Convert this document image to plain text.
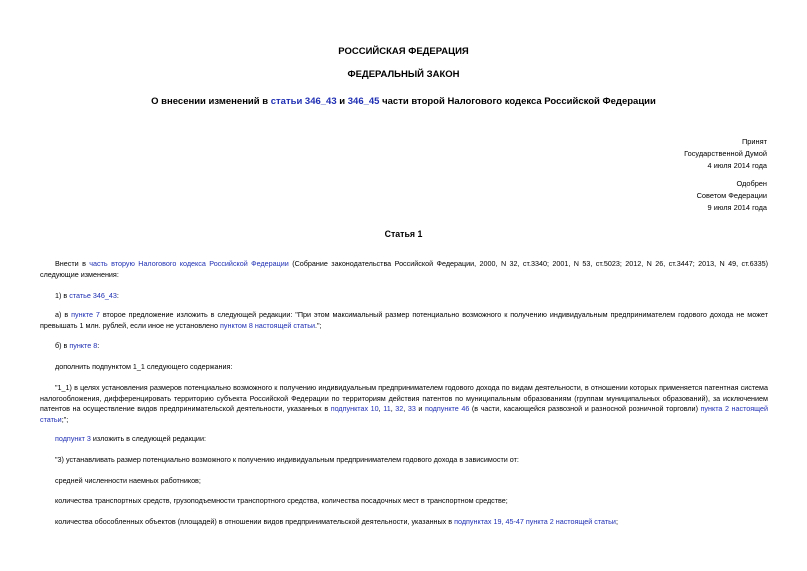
РОССИЙСКАЯ ФЕДЕРАЦИЯ
ФЕДЕРАЛЬНЫЙ ЗАКОН
О внесении изменений в статьи 346_43 и 346_45 части второй Налогового кодекса Российской Федерации
Принят
Государственной Думой
4 июля 2014 года
Одобрен
Советом Федерации
9 июля 2014 года
Статья 1
Внести в часть вторую Налогового кодекса Российской Федерации (Собрание законодательства Российской Федерации, 2000, N 32, ст.3340; 2001, N 53, ст.5023; 2012, N 26, ст.3447; 2013, N 49, ст.6335) следующие изменения:
1) в статье 346_43:
а) в пункте 7 второе предложение изложить в следующей редакции: "При этом максимальный размер потенциально возможного к получению индивидуальным предпринимателем годового дохода не может превышать 1 млн. рублей, если иное не установлено пунктом 8 настоящей статьи.";
б) в пункте 8:
дополнить подпунктом 1_1 следующего содержания:
"1_1) в целях установления размеров потенциально возможного к получению индивидуальным предпринимателем годового дохода по видам деятельности, в отношении которых применяется патентная система налогообложения, дифференцировать территорию субъекта Российской Федерации по территориям действия патентов по муниципальным образованиям (группам муниципальных образований), за исключением патентов на осуществление видов предпринимательской деятельности, указанных в подпунктах 10, 11, 32, 33 и подпункте 46 (в части, касающейся развозной и разносной розничной торговли) пункта 2 настоящей статьи;";
подпункт 3 изложить в следующей редакции:
"3) устанавливать размер потенциально возможного к получению индивидуальным предпринимателем годового дохода в зависимости от:
средней численности наемных работников;
количества транспортных средств, грузоподъемности транспортного средства, количества посадочных мест в транспортном средстве;
количества обособленных объектов (площадей) в отношении видов предпринимательской деятельности, указанных в подпунктах 19, 45-47 пункта 2 настоящей статьи;
